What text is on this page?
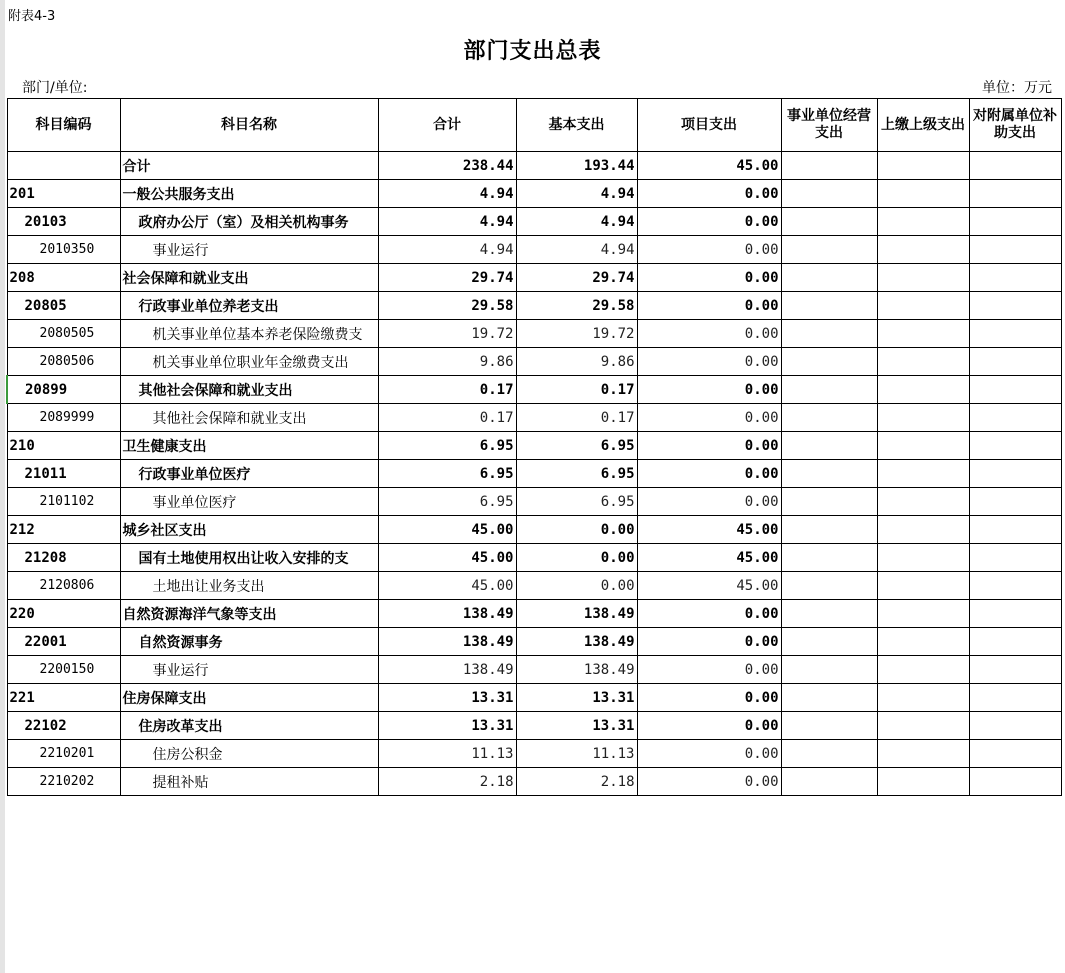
附表4-3
部门支出总表
部门/单位:	单位：万元
科目编码	科目名称	合计	基本支出	项目支出	事业单位经营支出	上缴上级支出	对附属单位补助支出
	合计	238.44	193.44	45.00			
201	一般公共服务支出	4.94	4.94	0.00			
20103	政府办公厅（室）及相关机构事务	4.94	4.94	0.00			
2010350	事业运行	4.94	4.94	0.00			
208	社会保障和就业支出	29.74	29.74	0.00			
20805	行政事业单位养老支出	29.58	29.58	0.00			
2080505	机关事业单位基本养老保险缴费支	19.72	19.72	0.00			
2080506	机关事业单位职业年金缴费支出	9.86	9.86	0.00			
20899	其他社会保障和就业支出	0.17	0.17	0.00			
2089999	其他社会保障和就业支出	0.17	0.17	0.00			
210	卫生健康支出	6.95	6.95	0.00			
21011	行政事业单位医疗	6.95	6.95	0.00			
2101102	事业单位医疗	6.95	6.95	0.00			
212	城乡社区支出	45.00	0.00	45.00			
21208	国有土地使用权出让收入安排的支	45.00	0.00	45.00			
2120806	土地出让业务支出	45.00	0.00	45.00			
220	自然资源海洋气象等支出	138.49	138.49	0.00			
22001	自然资源事务	138.49	138.49	0.00			
2200150	事业运行	138.49	138.49	0.00			
221	住房保障支出	13.31	13.31	0.00			
22102	住房改革支出	13.31	13.31	0.00			
2210201	住房公积金	11.13	11.13	0.00			
2210202	提租补贴	2.18	2.18	0.00			
